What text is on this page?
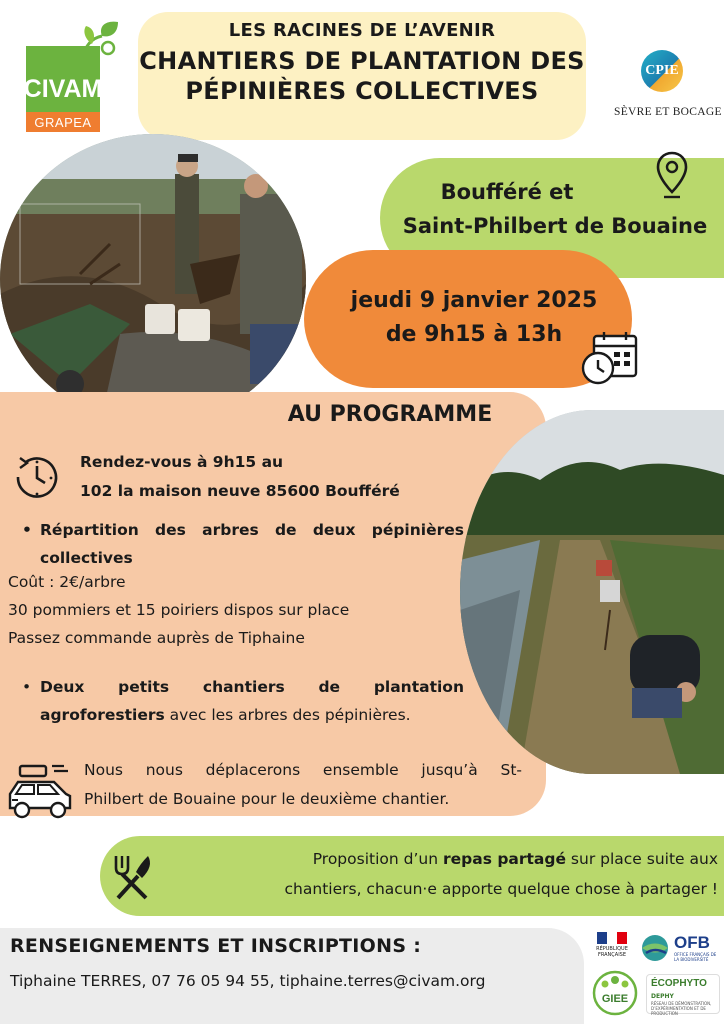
CIVAM
GRAPEA
LES RACINES DE L’AVENIR
CHANTIERS DE PLANTATION DES
PÉPINIÈRES COLLECTIVES
CPIE
SÈVRE ET BOCAGE
Boufféré et
Saint-Philbert de Bouaine
jeudi 9 janvier 2025
de 9h15 à 13h
AU PROGRAMME
Rendez-vous à 9h15 au
102 la maison neuve 85600 Boufféré
• Répartition des arbres de deux pépinières collectives
Coût : 2€/arbre
30 pommiers et 15 poiriers dispos sur place
Passez commande auprès de Tiphaine
• Deux petits chantiers de plantation
agroforestiers avec les arbres des pépinières.
Nous nous déplacerons ensemble jusqu’à St-
Philbert de Bouaine pour le deuxième chantier.
Proposition d’un repas partagé sur place suite aux
chantiers, chacun·e apporte quelque chose à partager !
RENSEIGNEMENTS ET INSCRIPTIONS :
Tiphaine TERRES, 07 76 05 94 55, tiphaine.terres@civam.org
RÉPUBLIQUE FRANÇAISE
OFB
OFFICE FRANÇAIS DE LA BIODIVERSITÉ
GIEE
ÉCOPHYTO
DEPHY
RÉSEAU DE DÉMONSTRATION, D’EXPÉRIMENTATION ET DE PRODUCTION
